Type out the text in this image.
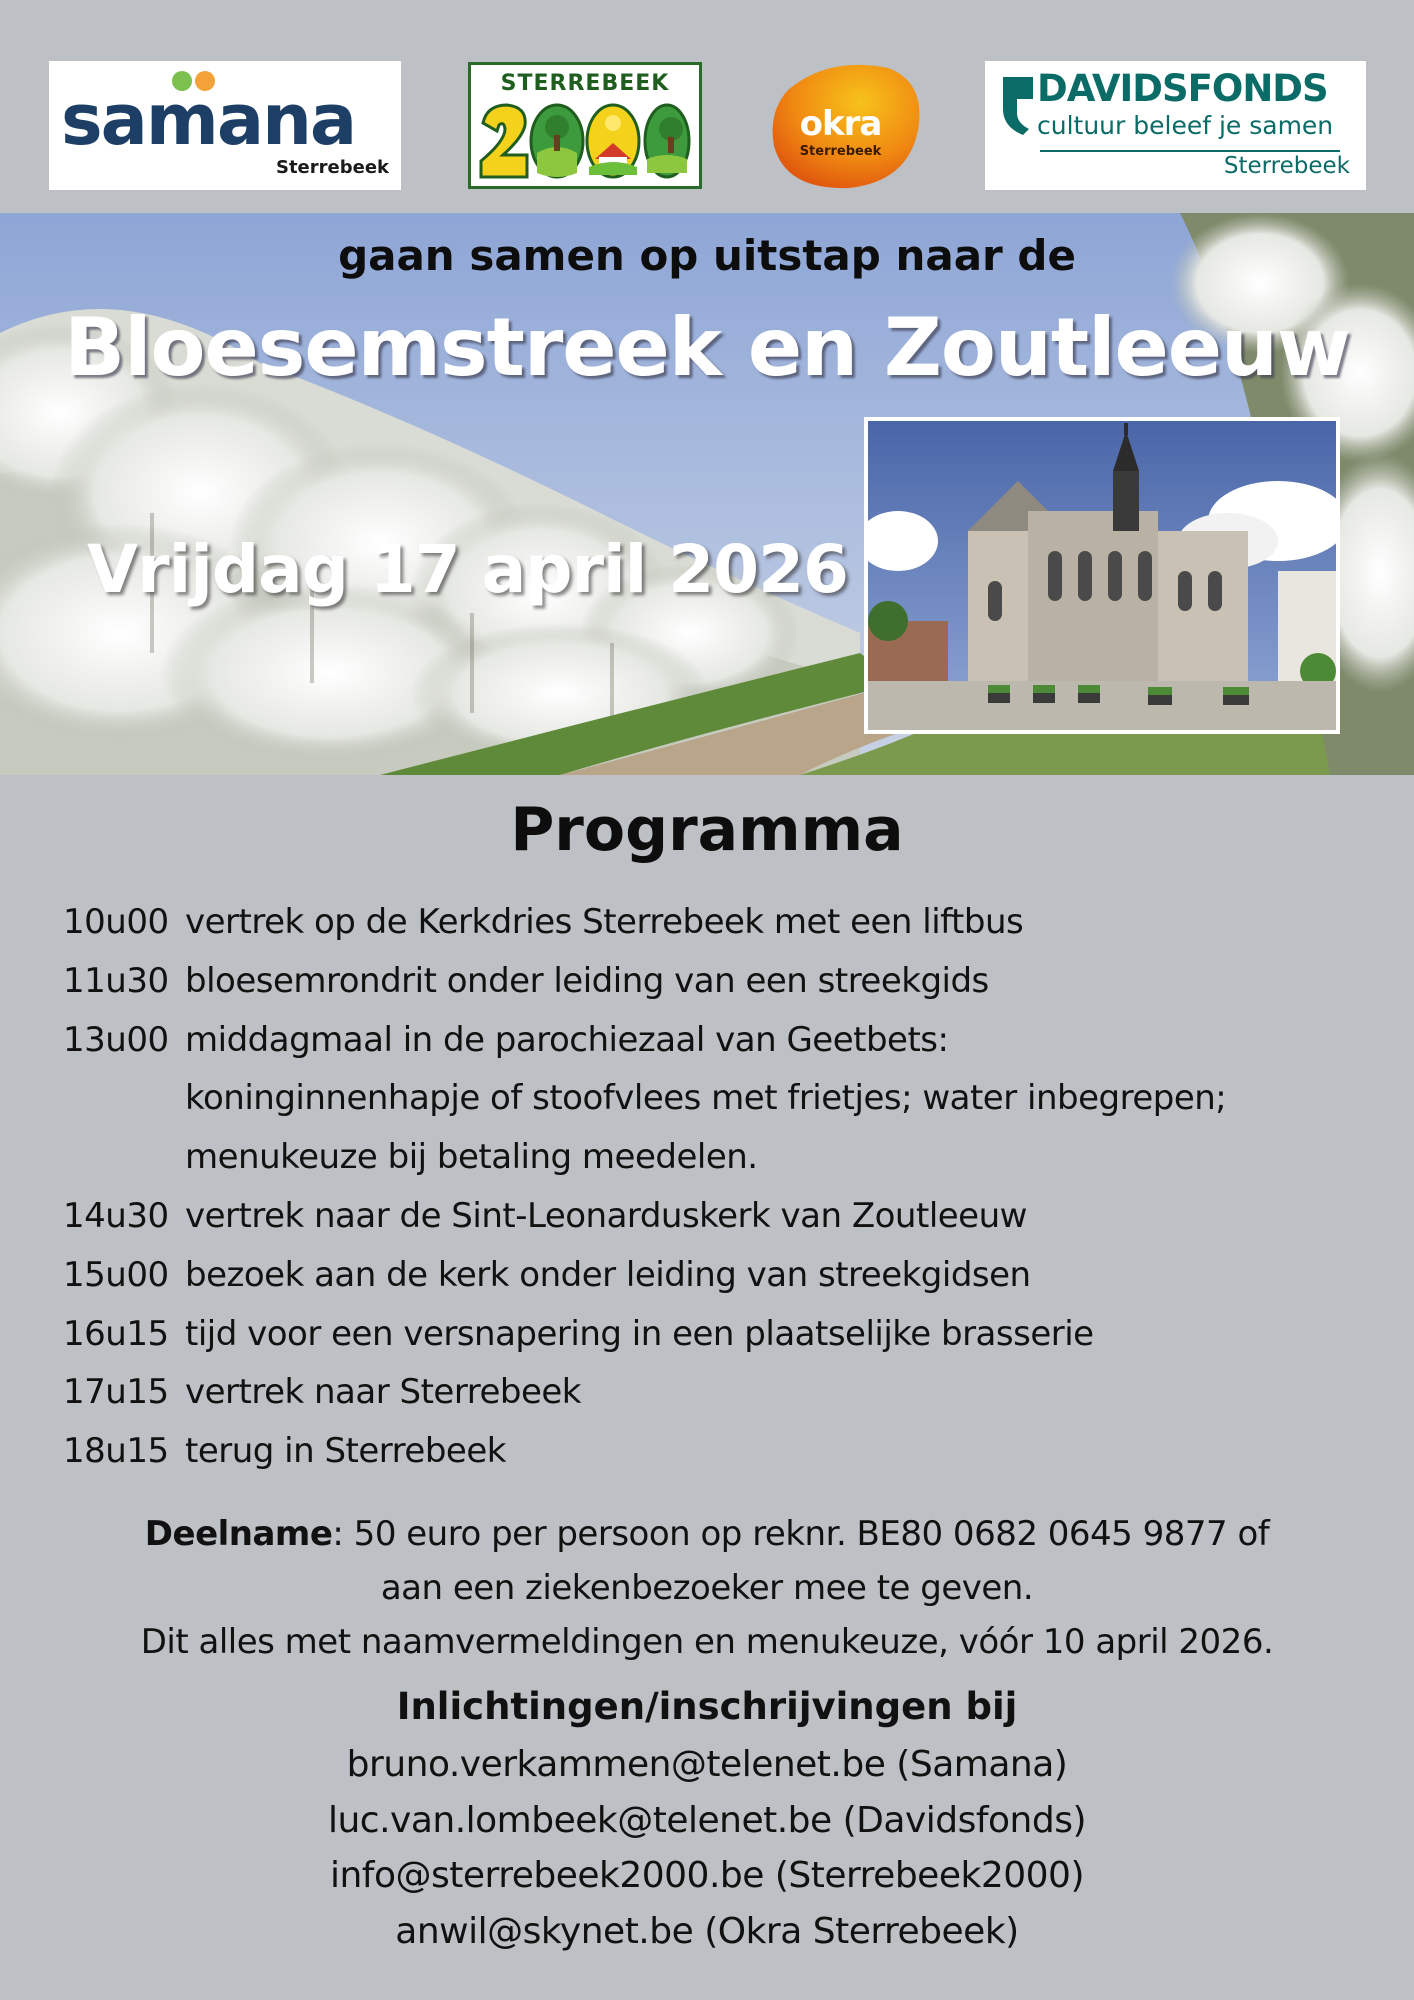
samana
Sterrebeek
STERREBEEK
okra
Sterrebeek
DAVIDSFONDS
cultuur beleef je samen
Sterrebeek
gaan samen op uitstap naar de
Bloesemstreek en Zoutleeuw
Vrijdag 17 april 2026
Programma
10u00 vertrek op de Kerkdries Sterrebeek met een liftbus
11u30 bloesemrondrit onder leiding van een streekgids
13u00 middagmaal in de parochiezaal van Geetbets:
koninginnenhapje of stoofvlees met frietjes; water inbegrepen;
menukeuze bij betaling meedelen.
14u30 vertrek naar de Sint-Leonarduskerk van Zoutleeuw
15u00 bezoek aan de kerk onder leiding van streekgidsen
16u15 tijd voor een versnapering in een plaatselijke brasserie
17u15 vertrek naar Sterrebeek
18u15 terug in Sterrebeek
Deelname: 50 euro per persoon op reknr. BE80 0682 0645 9877 of
aan een ziekenbezoeker mee te geven.
Dit alles met naamvermeldingen en menukeuze, vóór 10 april 2026.
Inlichtingen/inschrijvingen bij
bruno.verkammen@telenet.be (Samana)
luc.van.lombeek@telenet.be (Davidsfonds)
info@sterrebeek2000.be (Sterrebeek2000)
anwil@skynet.be (Okra Sterrebeek)
